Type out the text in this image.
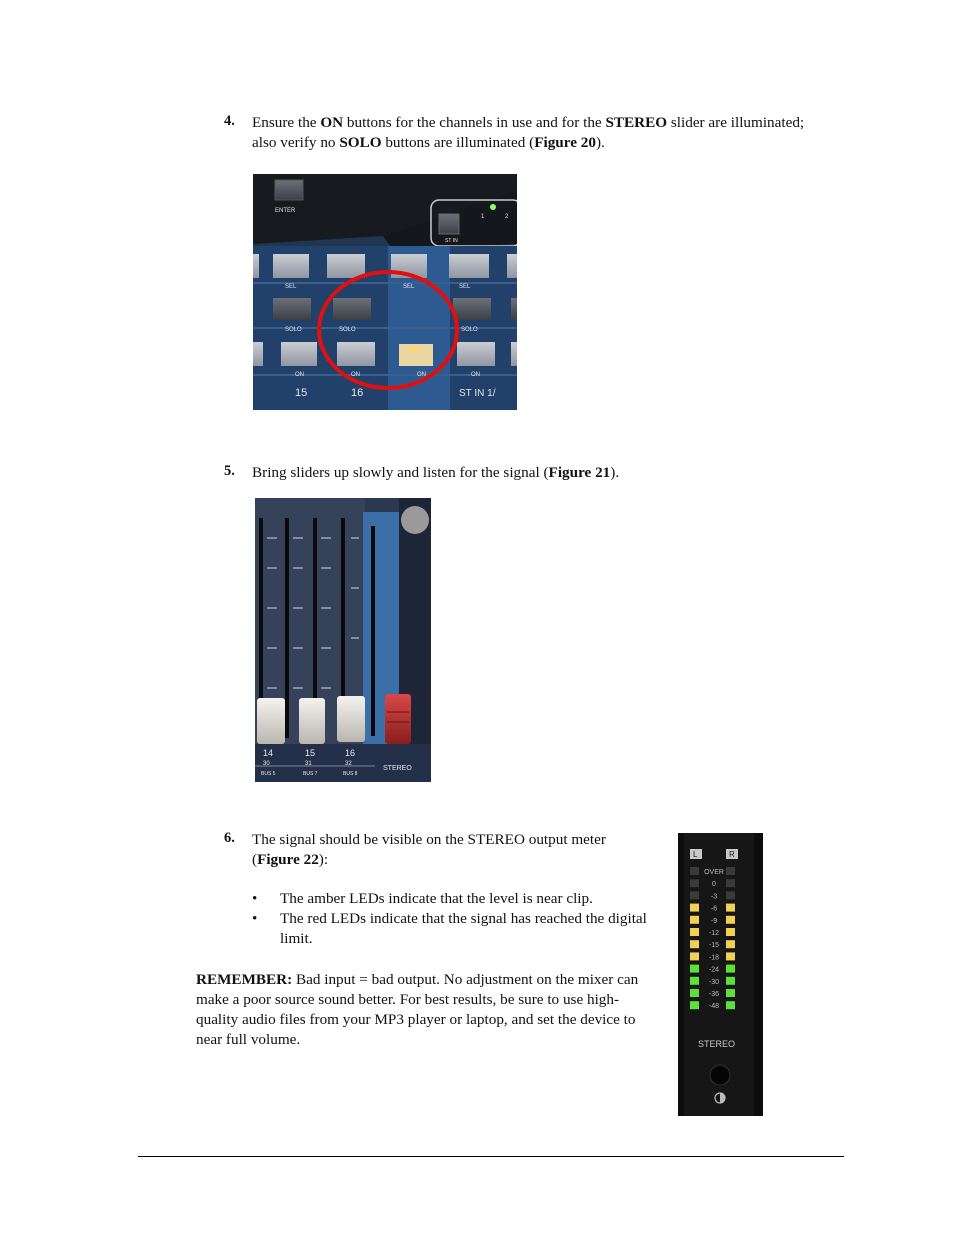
4. Ensure the ON buttons for the channels in use and for the STEREO slider are illuminated; also verify no SOLO buttons are illuminated (Figure 20).
ENTER
ST IN
1	2
SEL	SEL	SEL
SOLO	SOLO	SOLO
ON	ON	ON	ON
15	16	ST IN 1/
5. Bring sliders up slowly and listen for the signal (Figure 21).
14
30
BUS 5
15
31
BUS 7
16
32
BUS 8
STEREO
6. The signal should be visible on the STEREO output meter (Figure 22):
• The amber LEDs indicate that the level is near clip.
• The red LEDs indicate that the signal has reached the digital limit.
REMEMBER: Bad input = bad output. No adjustment on the mixer can make a poor source sound better. For best results, be sure to use high-quality audio files from your MP3 player or laptop, and set the device to near full volume.
L	R
OVER
0
-3
-6
-9
-12
-15
-18
-24
-30
-36
-48
STEREO
